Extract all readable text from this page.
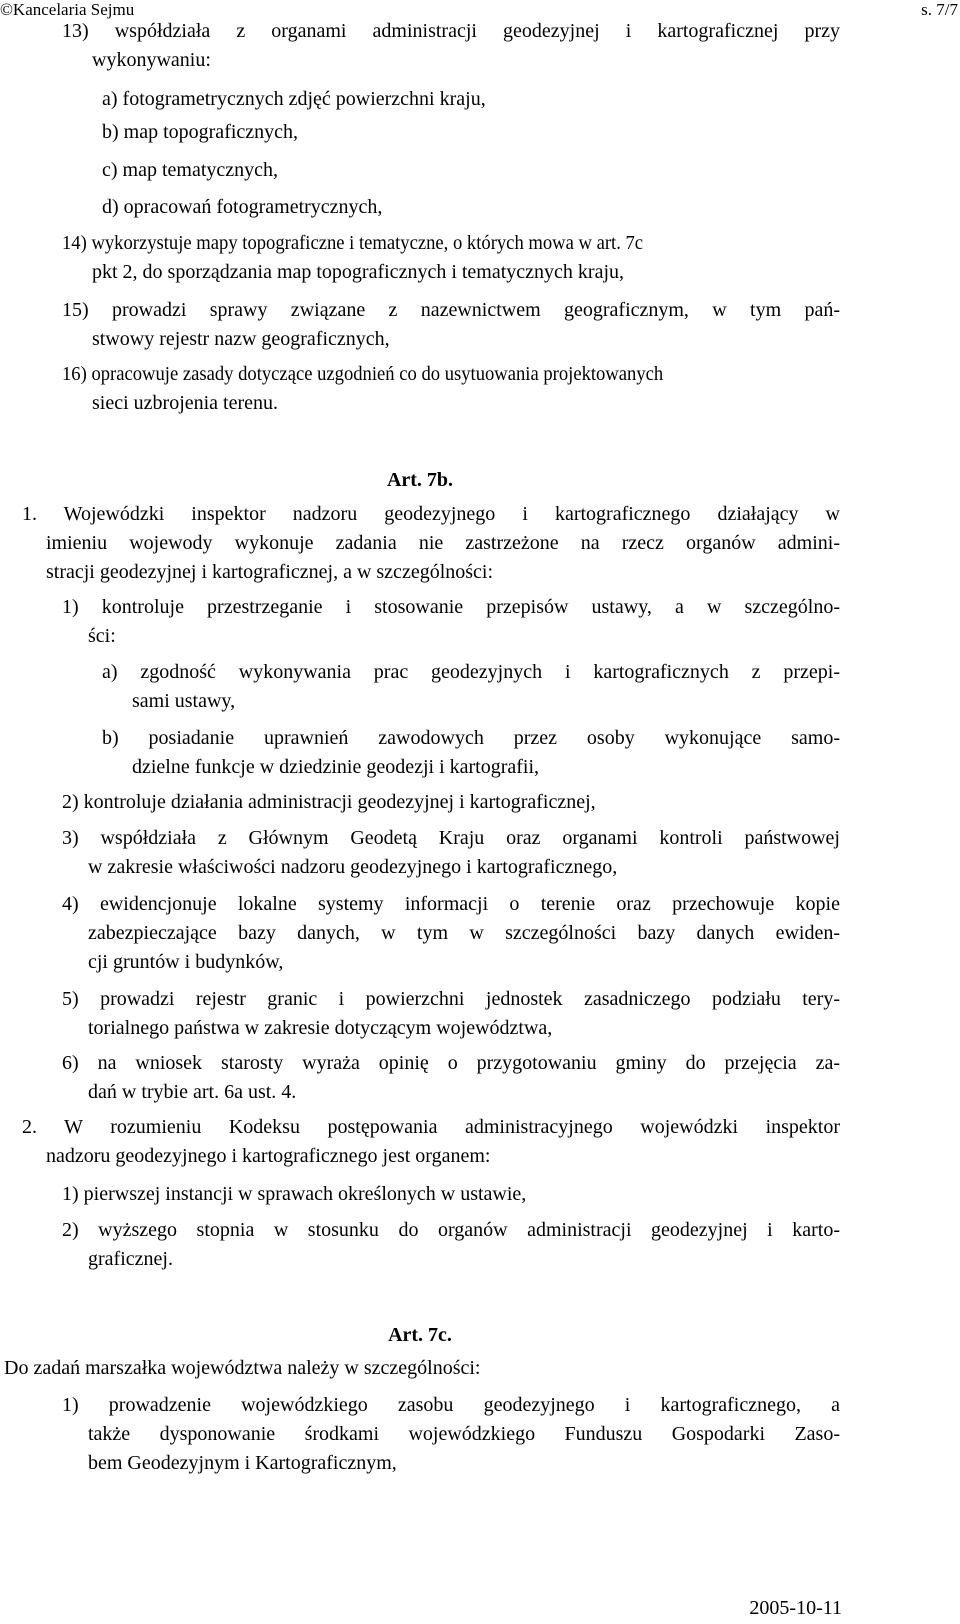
©Kancelaria Sejmu	s. 7/7
13) współdziała z organami administracji geodezyjnej i kartograficznej przy
wykonywaniu:
a) fotogrametrycznych zdjęć powierzchni kraju,
b) map topograficznych,
c) map tematycznych,
d) opracowań fotogrametrycznych,
14) wykorzystuje mapy topograficzne i tematyczne, o których mowa w art. 7c
pkt 2, do sporządzania map topograficznych i tematycznych kraju,
15) prowadzi sprawy związane z nazewnictwem geograficznym, w tym pań-
stwowy rejestr nazw geograficznych,
16) opracowuje zasady dotyczące uzgodnień co do usytuowania projektowanych
sieci uzbrojenia terenu.
Art. 7b.
1. Wojewódzki inspektor nadzoru geodezyjnego i kartograficznego działający w
imieniu wojewody wykonuje zadania nie zastrzeżone na rzecz organów admini-
stracji geodezyjnej i kartograficznej, a w szczególności:
1) kontroluje przestrzeganie i stosowanie przepisów ustawy, a w szczególno-
ści:
a) zgodność wykonywania prac geodezyjnych i kartograficznych z przepi-
sami ustawy,
b) posiadanie uprawnień zawodowych przez osoby wykonujące samo-
dzielne funkcje w dziedzinie geodezji i kartografii,
2) kontroluje działania administracji geodezyjnej i kartograficznej,
3) współdziała z Głównym Geodetą Kraju oraz organami kontroli państwowej
w zakresie właściwości nadzoru geodezyjnego i kartograficznego,
4) ewidencjonuje lokalne systemy informacji o terenie oraz przechowuje kopie
zabezpieczające bazy danych, w tym w szczególności bazy danych ewiden-
cji gruntów i budynków,
5) prowadzi rejestr granic i powierzchni jednostek zasadniczego podziału tery-
torialnego państwa w zakresie dotyczącym województwa,
6) na wniosek starosty wyraża opinię o przygotowaniu gminy do przejęcia za-
dań w trybie art. 6a ust. 4.
2. W rozumieniu Kodeksu postępowania administracyjnego wojewódzki inspektor
nadzoru geodezyjnego i kartograficznego jest organem:
1) pierwszej instancji w sprawach określonych w ustawie,
2) wyższego stopnia w stosunku do organów administracji geodezyjnej i karto-
graficznej.
Art. 7c.
Do zadań marszałka województwa należy w szczególności:
1) prowadzenie wojewódzkiego zasobu geodezyjnego i kartograficznego, a
także dysponowanie środkami wojewódzkiego Funduszu Gospodarki Zaso-
bem Geodezyjnym i Kartograficznym,
2005-10-11
